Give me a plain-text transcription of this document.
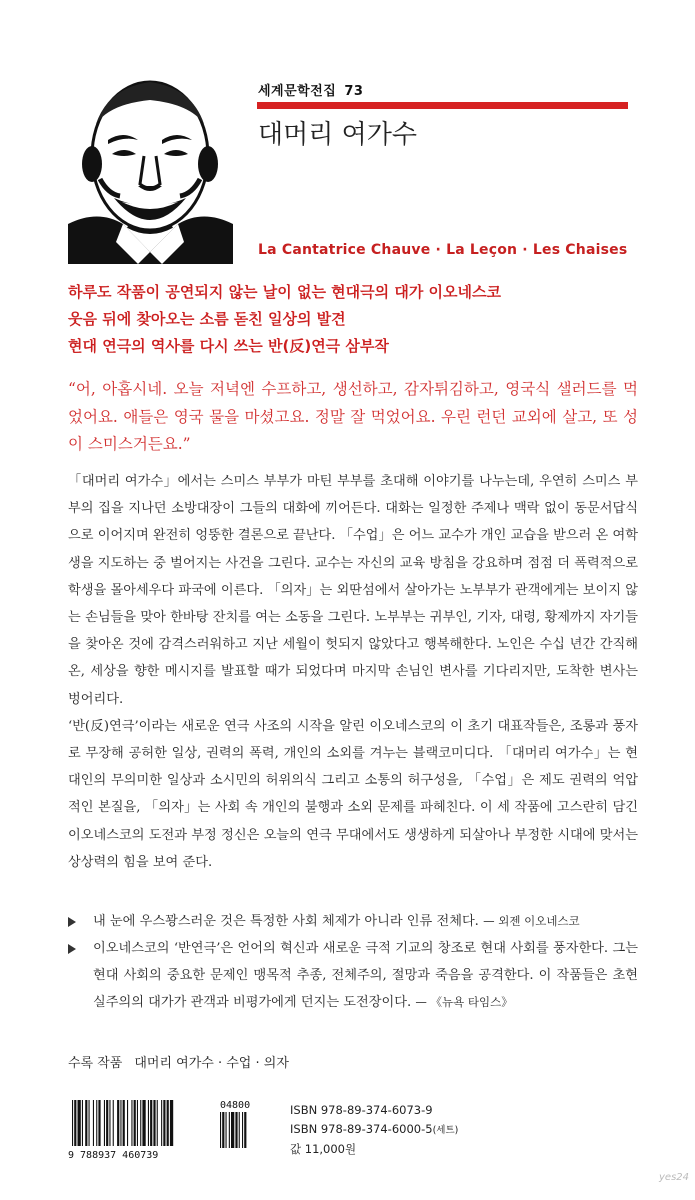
세계문학전집 73
대머리 여가수
La Cantatrice Chauve · La Leçon · Les Chaises
하루도 작품이 공연되지 않는 날이 없는 현대극의 대가 이오네스코
웃음 뒤에 찾아오는 소름 돋친 일상의 발견
현대 연극의 역사를 다시 쓰는 반(反)연극 삼부작
“어, 아홉시네. 오늘 저녁엔 수프하고, 생선하고, 감자튀김하고, 영국식 샐러드를 먹었어요. 애들은 영국 물을 마셨고요. 정말 잘 먹었어요. 우린 런던 교외에 살고, 또 성이 스미스거든요.”

「대머리 여가수」에서는 스미스 부부가 마틴 부부를 초대해 이야기를 나누는데, 우연히 스미스 부부의 집을 지나던 소방대장이 그들의 대화에 끼어든다. 대화는 일정한 주제나 맥락 없이 동문서답식으로 이어지며 완전히 엉뚱한 결론으로 끝난다. 「수업」은 어느 교수가 개인 교습을 받으러 온 여학생을 지도하는 중 벌어지는 사건을 그린다. 교수는 자신의 교육 방침을 강요하며 점점 더 폭력적으로 학생을 몰아세우다 파국에 이른다. 「의자」는 외딴섬에서 살아가는 노부부가 관객에게는 보이지 않는 손님들을 맞아 한바탕 잔치를 여는 소동을 그린다. 노부부는 귀부인, 기자, 대령, 황제까지 자기들을 찾아온 것에 감격스러워하고 지난 세월이 헛되지 않았다고 행복해한다. 노인은 수십 년간 간직해 온, 세상을 향한 메시지를 발표할 때가 되었다며 마지막 손님인 변사를 기다리지만, 도착한 변사는 벙어리다.

‘반(反)연극’이라는 새로운 연극 사조의 시작을 알린 이오네스코의 이 초기 대표작들은, 조롱과 풍자로 무장해 공허한 일상, 권력의 폭력, 개인의 소외를 겨누는 블랙코미디다. 「대머리 여가수」는 현대인의 무의미한 일상과 소시민의 허위의식 그리고 소통의 허구성을, 「수업」은 제도 권력의 억압적인 본질을, 「의자」는 사회 속 개인의 불행과 소외 문제를 파헤친다. 이 세 작품에 고스란히 담긴 이오네스코의 도전과 부정 정신은 오늘의 연극 무대에서도 생생하게 되살아나 부정한 시대에 맞서는 상상력의 힘을 보여 준다.

내 눈에 우스꽝스러운 것은 특정한 사회 체제가 아니라 인류 전체다. — 외젠 이오네스코
이오네스코의 ‘반연극’은 언어의 혁신과 새로운 극적 기교의 창조로 현대 사회를 풍자한다. 그는 현대 사회의 중요한 문제인 맹목적 추종, 전체주의, 절망과 죽음을 공격한다. 이 작품들은 초현실주의의 대가가 관객과 비평가에게 던지는 도전장이다. — 《뉴욕 타임스》
수록 작품 대머리 여가수 · 수업 · 의자
9 788937 460739
04800	ISBN 978-89-374-6073-9
ISBN 978-89-374-6000-5(세트)
값 11,000원
yes24
